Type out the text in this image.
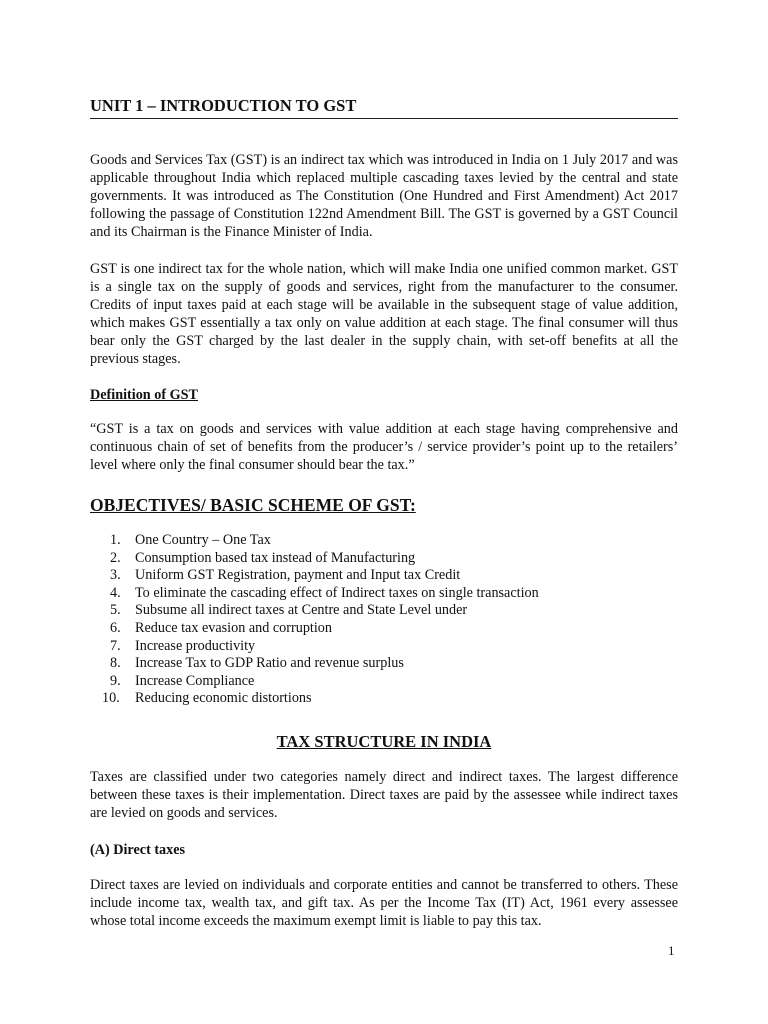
UNIT 1 – INTRODUCTION TO GST

Goods and Services Tax (GST) is an indirect tax which was introduced in India on 1 July 2017 and was applicable throughout India which replaced multiple cascading taxes levied by the central and state governments. It was introduced as The Constitution (One Hundred and First Amendment) Act 2017 following the passage of Constitution 122nd Amendment Bill. The GST is governed by a GST Council and its Chairman is the Finance Minister of India.

GST is one indirect tax for the whole nation, which will make India one unified common market. GST is a single tax on the supply of goods and services, right from the manufacturer to the consumer. Credits of input taxes paid at each stage will be available in the subsequent stage of value addition, which makes GST essentially a tax only on value addition at each stage. The final consumer will thus bear only the GST charged by the last dealer in the supply chain, with set-off benefits at all the previous stages.

Definition of GST

“GST is a tax on goods and services with value addition at each stage having comprehensive and continuous chain of set of benefits from the producer’s / service provider’s point up to the retailers’ level where only the final consumer should bear the tax.”

OBJECTIVES/ BASIC SCHEME OF GST:
1. One Country – One Tax
2. Consumption based tax instead of Manufacturing
3. Uniform GST Registration, payment and Input tax Credit
4. To eliminate the cascading effect of Indirect taxes on single transaction
5. Subsume all indirect taxes at Centre and State Level under
6. Reduce tax evasion and corruption
7. Increase productivity
8. Increase Tax to GDP Ratio and revenue surplus
9. Increase Compliance
10. Reducing economic distortions
TAX STRUCTURE IN INDIA

Taxes are classified under two categories namely direct and indirect taxes. The largest difference between these taxes is their implementation. Direct taxes are paid by the assessee while indirect taxes are levied on goods and services.

(A) Direct taxes

Direct taxes are levied on individuals and corporate entities and cannot be transferred to others. These include income tax, wealth tax, and gift tax. As per the Income Tax (IT) Act, 1961 every assessee whose total income exceeds the maximum exempt limit is liable to pay this tax.

1
